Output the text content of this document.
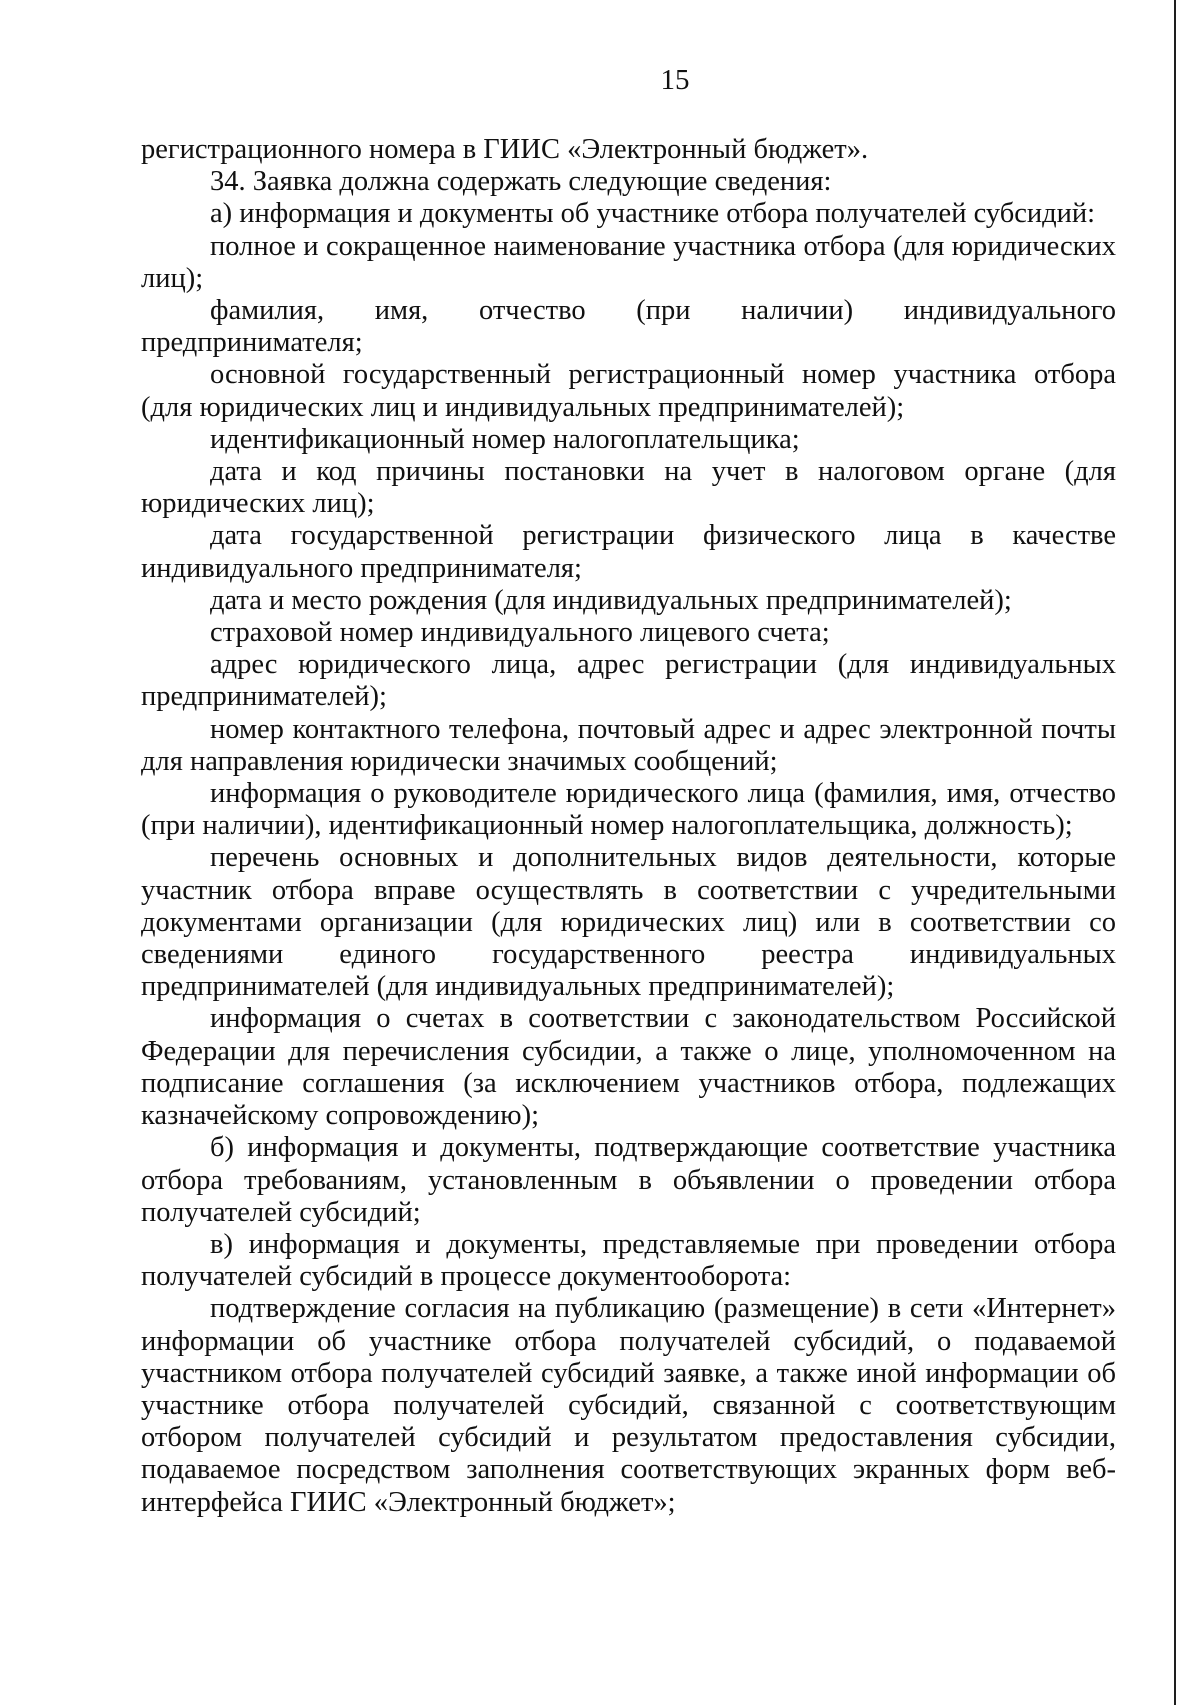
15

регистрационного номера в ГИИС «Электронный бюджет».

34. Заявка должна содержать следующие сведения:

а) информация и документы об участнике отбора получателей субсидий:

полное и сокращенное наименование участника отбора (для юридических лиц);

фамилия, имя, отчество (при наличии) индивидуального предпринимателя;

основной государственный регистрационный номер участника отбора (для юридических лиц и индивидуальных предпринимателей);

идентификационный номер налогоплательщика;

дата и код причины постановки на учет в налоговом органе (для юридических лиц);

дата государственной регистрации физического лица в качестве индивидуального предпринимателя;

дата и место рождения (для индивидуальных предпринимателей);

страховой номер индивидуального лицевого счета;

адрес юридического лица, адрес регистрации (для индивидуальных предпринимателей);

номер контактного телефона, почтовый адрес и адрес электронной почты для направления юридически значимых сообщений;

информация о руководителе юридического лица (фамилия, имя, отчество (при наличии), идентификационный номер налогоплательщика, должность);

перечень основных и дополнительных видов деятельности, которые участник отбора вправе осуществлять в соответствии с учредительными документами организации (для юридических лиц) или в соответствии со сведениями единого государственного реестра индивидуальных предпринимателей (для индивидуальных предпринимателей);

информация о счетах в соответствии с законодательством Российской Федерации для перечисления субсидии, а также о лице, уполномоченном на подписание соглашения (за исключением участников отбора, подлежащих казначейскому сопровождению);

б) информация и документы, подтверждающие соответствие участника отбора требованиям, установленным в объявлении о проведении отбора получателей субсидий;

в) информация и документы, представляемые при проведении отбора получателей субсидий в процессе документооборота:

подтверждение согласия на публикацию (размещение) в сети «Интернет» информации об участнике отбора получателей субсидий, о подаваемой участником отбора получателей субсидий заявке, а также иной информации об участнике отбора получателей субсидий, связанной с соответствующим отбором получателей субсидий и результатом предоставления субсидии, подаваемое посредством заполнения соответствующих экранных форм веб-интерфейса ГИИС «Электронный бюджет»;
